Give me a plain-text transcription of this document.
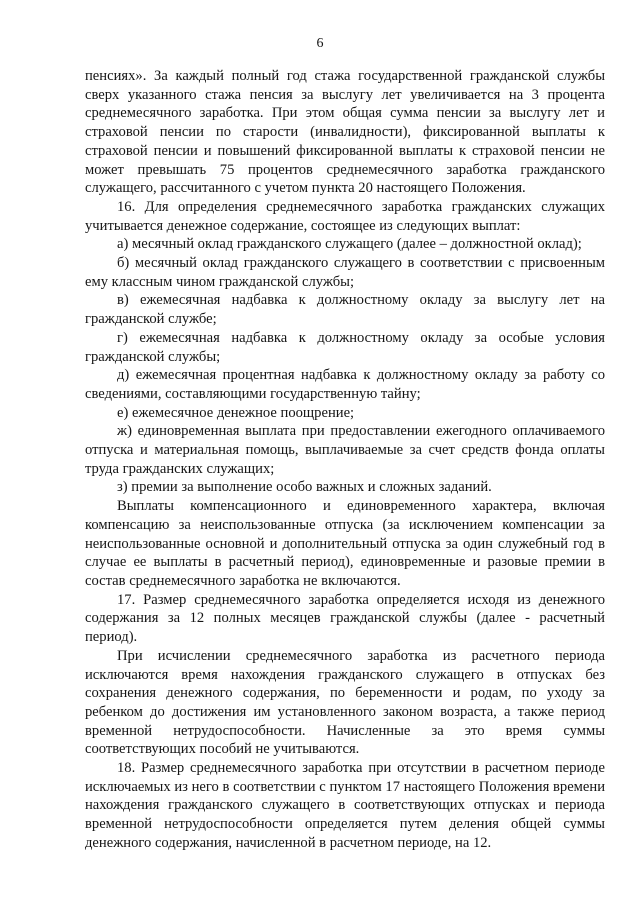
6

пенсиях». За каждый полный год стажа государственной гражданской службы сверх указанного стажа пенсия за выслугу лет увеличивается на 3 процента среднемесячного заработка. При этом общая сумма пенсии за выслугу лет и страховой пенсии по старости (инвалидности), фиксированной выплаты к страховой пенсии и повышений фиксированной выплаты к страховой пенсии не может превышать 75 процентов среднемесячного заработка гражданского служащего, рассчитанного с учетом пункта 20 настоящего Положения.

16. Для определения среднемесячного заработка гражданских служащих учитывается денежное содержание, состоящее из следующих выплат:

а) месячный оклад гражданского служащего (далее – должностной оклад);

б) месячный оклад гражданского служащего в соответствии с присвоенным ему классным чином гражданской службы;

в) ежемесячная надбавка к должностному окладу за выслугу лет на гражданской службе;

г) ежемесячная надбавка к должностному окладу за особые условия гражданской службы;

д) ежемесячная процентная надбавка к должностному окладу за работу со сведениями, составляющими государственную тайну;

е) ежемесячное денежное поощрение;

ж) единовременная выплата при предоставлении ежегодного оплачиваемого отпуска и материальная помощь, выплачиваемые за счет средств фонда оплаты труда гражданских служащих;

з) премии за выполнение особо важных и сложных заданий.

Выплаты компенсационного и единовременного характера, включая компенсацию за неиспользованные отпуска (за исключением компенсации за неиспользованные основной и дополнительный отпуска за один служебный год в случае ее выплаты в расчетный период), единовременные и разовые премии в состав среднемесячного заработка не включаются.

17. Размер среднемесячного заработка определяется исходя из денежного содержания за 12 полных месяцев гражданской службы (далее - расчетный период).

При исчислении среднемесячного заработка из расчетного периода исключаются время нахождения гражданского служащего в отпусках без сохранения денежного содержания, по беременности и родам, по уходу за ребенком до достижения им установленного законом возраста, а также период временной нетрудоспособности. Начисленные за это время суммы соответствующих пособий не учитываются.

18. Размер среднемесячного заработка при отсутствии в расчетном периоде исключаемых из него в соответствии с пунктом 17 настоящего Положения времени нахождения гражданского служащего в соответствующих отпусках и периода временной нетрудоспособности определяется путем деления общей суммы денежного содержания, начисленной в расчетном периоде, на 12.
